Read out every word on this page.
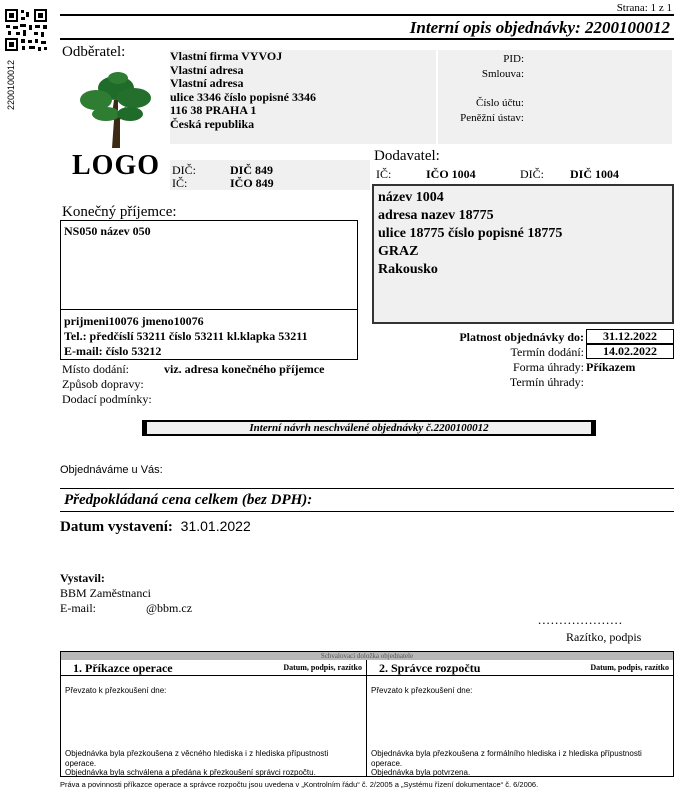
2200100012
Strana: 1 z 1
Interní opis objednávky: 2200100012
Odběratel:	Vlastní firma VYVOJ
Vlastní adresa
Vlastní adresa
ulice 3346 číslo popisné 3346
116 38 PRAHA 1
Česká republika
PID:
Smlouva:
Číslo účtu:
Peněžní ústav:
LOGO DIČ:	DIČ 849
IČ:	IČO 849
Dodavatel:
IČ:	IČO 1004	DIČ: DIČ 1004
název 1004
adresa nazev 18775
ulice 18775 číslo popisné 18775
GRAZ
Rakousko
Konečný příjemce:
NS050 název 050
prijmeni10076 jmeno10076
Tel.: předčíslí 53211 číslo 53211 kl.klapka 53211
E-mail: číslo 53212
Místo dodání:	viz. adresa konečného příjemce
Způsob dopravy:
Dodací podmínky:
Platnost objednávky do:	31.12.2022
Termín dodání:	14.02.2022
Forma úhrady: Příkazem
Termín úhrady:
Interní návrh neschválené objednávky č.2200100012
Objednáváme u Vás:
Předpokládaná cena celkem (bez DPH):
Datum vystavení: 31.01.2022
Vystavil:
BBM Zaměstnanci
E-mail:	@bbm.cz
....................
Razítko, podpis
Schvalovací doložka objednatele
1. Příkazce operace	Datum, podpis, razítko 2. Správce rozpočtu	Datum, podpis, razítko
Převzato k přezkoušení dne:
Objednávka byla přezkoušena z věcného hlediska i z hlediska přípustnosti operace.
Objednávka byla schválena a předána k přezkoušení správci rozpočtu.
Převzato k přezkoušení dne:
Objednávka byla přezkoušena z formálního hlediska i z hlediska přípustnosti operace.
Objednávka byla potvrzena.
Práva a povinnosti příkazce operace a správce rozpočtu jsou uvedena v „Kontrolním řádu“ č. 2/2005 a „Systému řízení dokumentace“ č. 6/2006.
